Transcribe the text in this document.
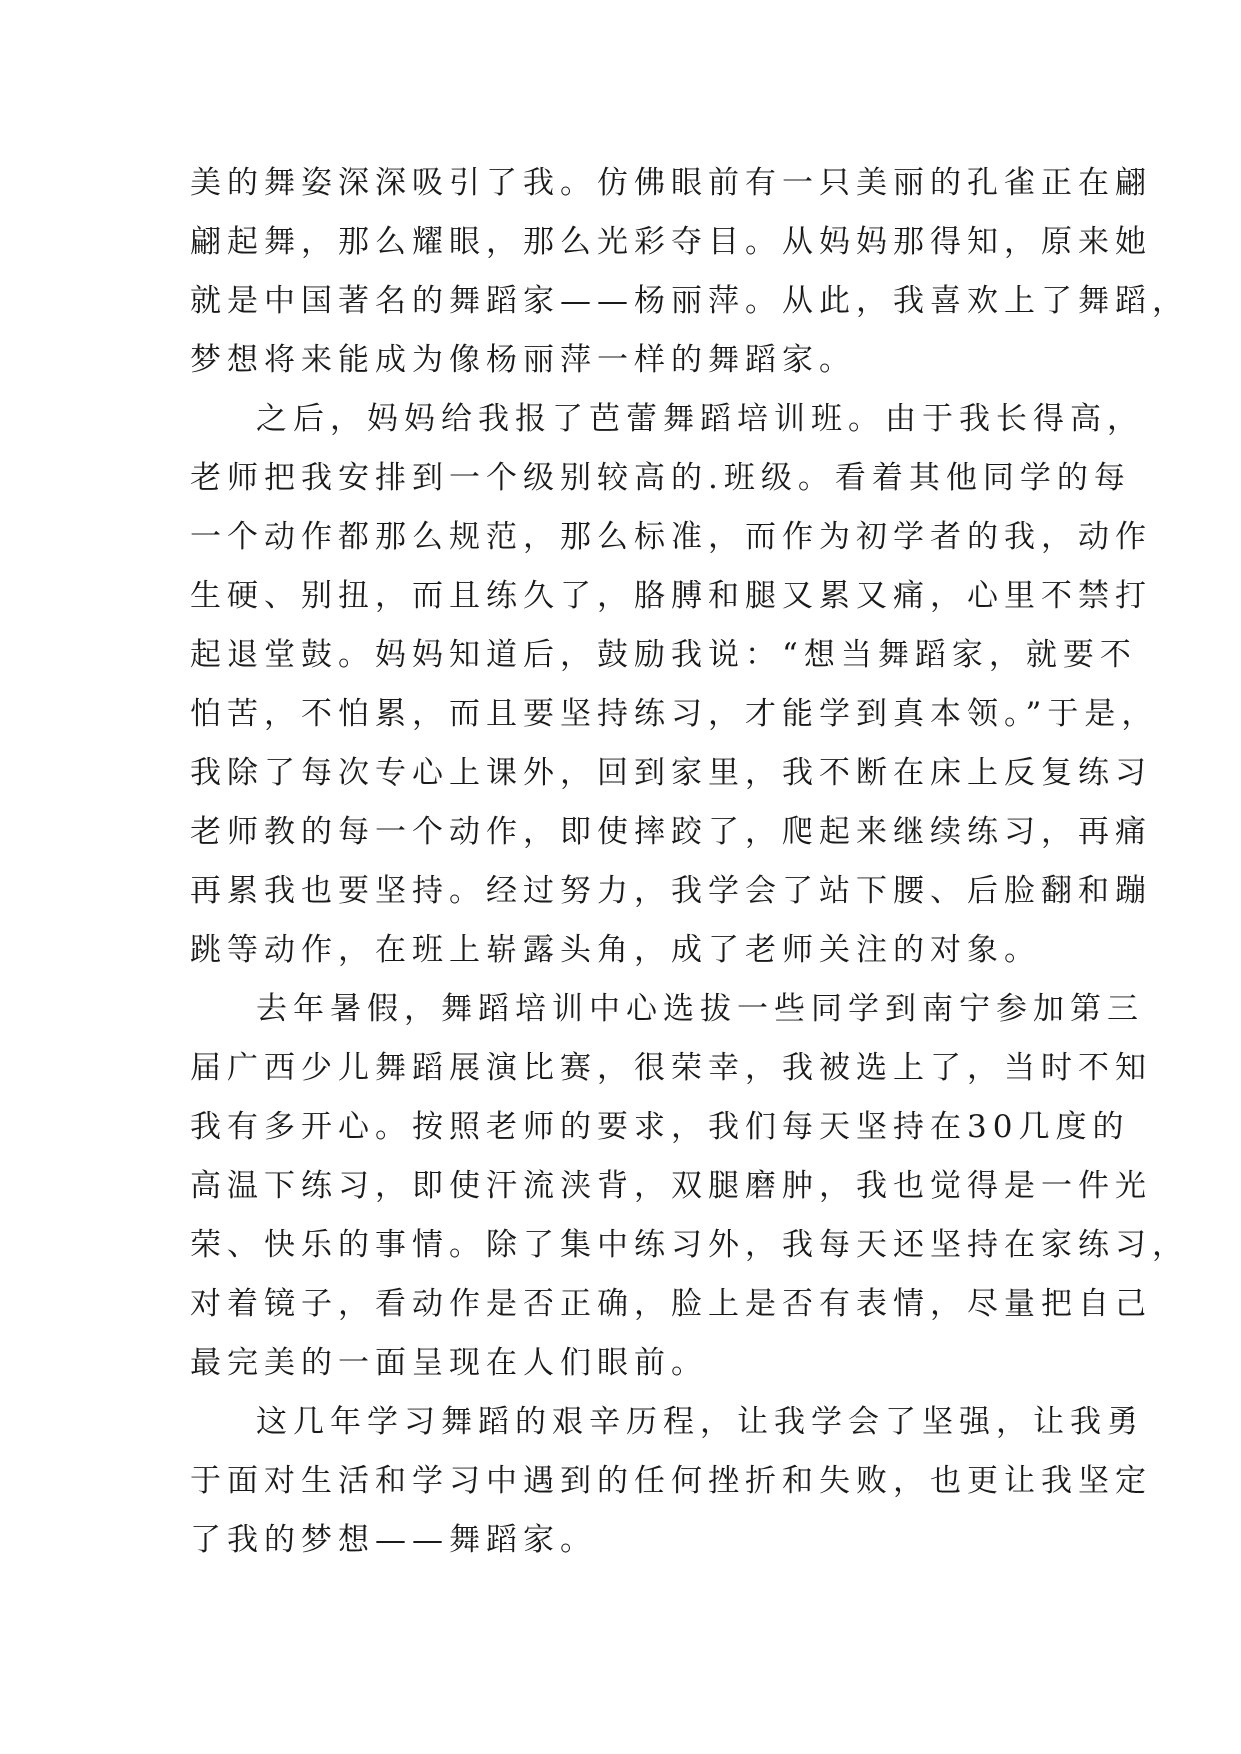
美的舞姿深深吸引了我。仿佛眼前有一只美丽的孔雀正在翩
翩起舞，那么耀眼，那么光彩夺目。从妈妈那得知，原来她
就是中国著名的舞蹈家——杨丽萍。从此，我喜欢上了舞蹈，
梦想将来能成为像杨丽萍一样的舞蹈家。
之后，妈妈给我报了芭蕾舞蹈培训班。由于我长得高，
老师把我安排到一个级别较高的.班级。看着其他同学的每
一个动作都那么规范，那么标准，而作为初学者的我，动作
生硬、别扭，而且练久了，胳膊和腿又累又痛，心里不禁打
起退堂鼓。妈妈知道后，鼓励我说：“想当舞蹈家，就要不
怕苦，不怕累，而且要坚持练习，才能学到真本领。”于是，
我除了每次专心上课外，回到家里，我不断在床上反复练习
老师教的每一个动作，即使摔跤了，爬起来继续练习，再痛
再累我也要坚持。经过努力，我学会了站下腰、后脸翻和蹦
跳等动作，在班上崭露头角，成了老师关注的对象。
去年暑假，舞蹈培训中心选拔一些同学到南宁参加第三
届广西少儿舞蹈展演比赛，很荣幸，我被选上了，当时不知
我有多开心。按照老师的要求，我们每天坚持在30几度的
高温下练习，即使汗流浃背，双腿磨肿，我也觉得是一件光
荣、快乐的事情。除了集中练习外，我每天还坚持在家练习，
对着镜子，看动作是否正确，脸上是否有表情，尽量把自己
最完美的一面呈现在人们眼前。
这几年学习舞蹈的艰辛历程，让我学会了坚强，让我勇
于面对生活和学习中遇到的任何挫折和失败，也更让我坚定
了我的梦想——舞蹈家。
